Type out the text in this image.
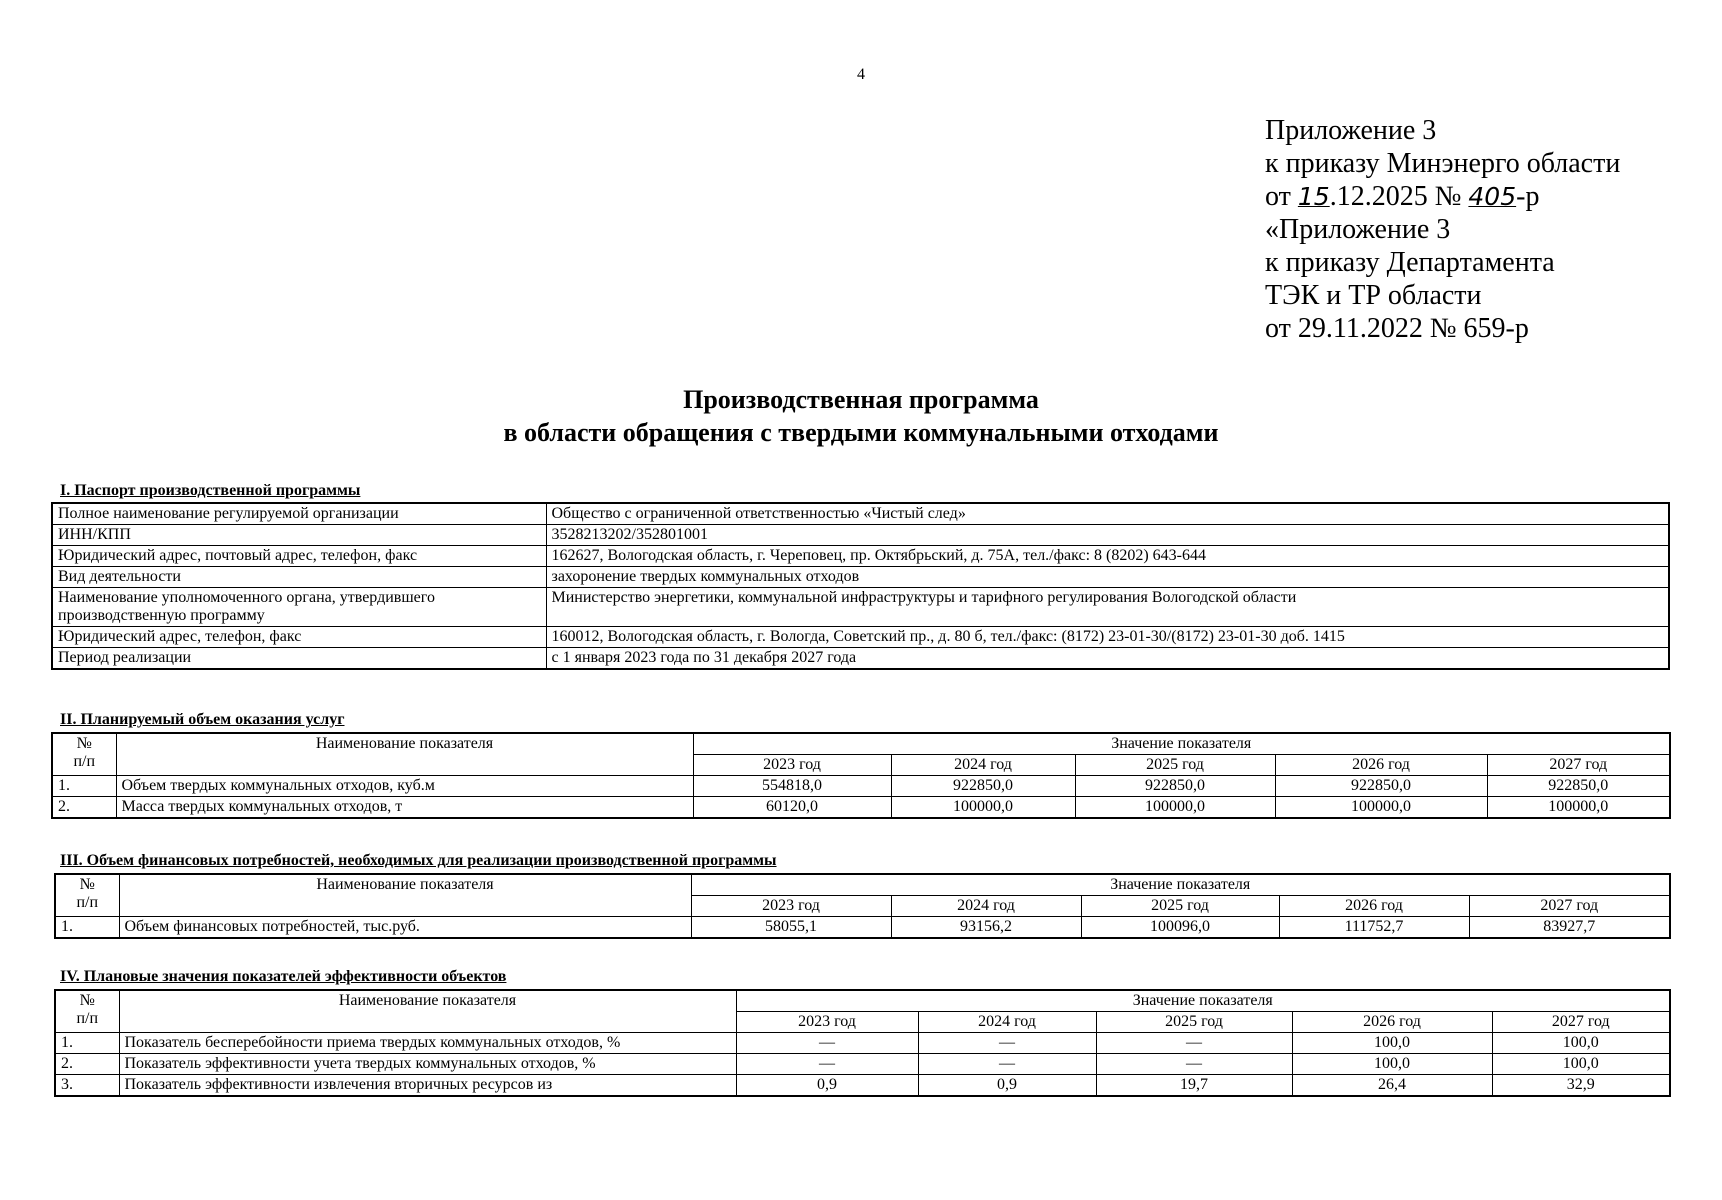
4
Приложение 3
к приказу Минэнерго области
от 15.12.2025 № 405-р
«Приложение 3
к приказу Департамента
ТЭК и ТР области
от 29.11.2022 № 659-р
Производственная программа
в области обращения с твердыми коммунальными отходами
I. Паспорт производственной программы
Полное наименование регулируемой организации	Общество с ограниченной ответственностью «Чистый след»
ИНН/КПП	3528213202/352801001
Юридический адрес, почтовый адрес, телефон, факс	162627, Вологодская область, г. Череповец, пр. Октябрьский, д. 75А, тел./факс: 8 (8202) 643-644
Вид деятельности	захоронение твердых коммунальных отходов
Наименование уполномоченного органа, утвердившего производственную программу	Министерство энергетики, коммунальной инфраструктуры и тарифного регулирования Вологодской области
Юридический адрес, телефон, факс	160012, Вологодская область, г. Вологда, Советский пр., д. 80 б, тел./факс: (8172) 23-01-30/(8172) 23-01-30 доб. 1415
Период реализации	с 1 января 2023 года по 31 декабря 2027 года
II. Планируемый объем оказания услуг
№
п/п	Наименование показателя	Значение показателя				
		2023 год	2024 год	2025 год	2026 год	2027 год
1.	Объем твердых коммунальных отходов, куб.м	554818,0	922850,0	922850,0	922850,0	922850,0
2.	Масса твердых коммунальных отходов, т	60120,0	100000,0	100000,0	100000,0	100000,0
III. Объем финансовых потребностей, необходимых для реализации производственной программы
№
п/п	Наименование показателя	Значение показателя				
		2023 год	2024 год	2025 год	2026 год	2027 год
1.	Объем финансовых потребностей, тыс.руб.	58055,1	93156,2	100096,0	111752,7	83927,7
IV. Плановые значения показателей эффективности объектов
№
п/п	Наименование показателя	Значение показателя				
		2023 год	2024 год	2025 год	2026 год	2027 год
1.	Показатель бесперебойности приема твердых коммунальных отходов, %	—	—	—	100,0	100,0
2.	Показатель эффективности учета твердых коммунальных отходов, %	—	—	—	100,0	100,0
3.	Показатель эффективности извлечения вторичных ресурсов из	0,9	0,9	19,7	26,4	32,9
